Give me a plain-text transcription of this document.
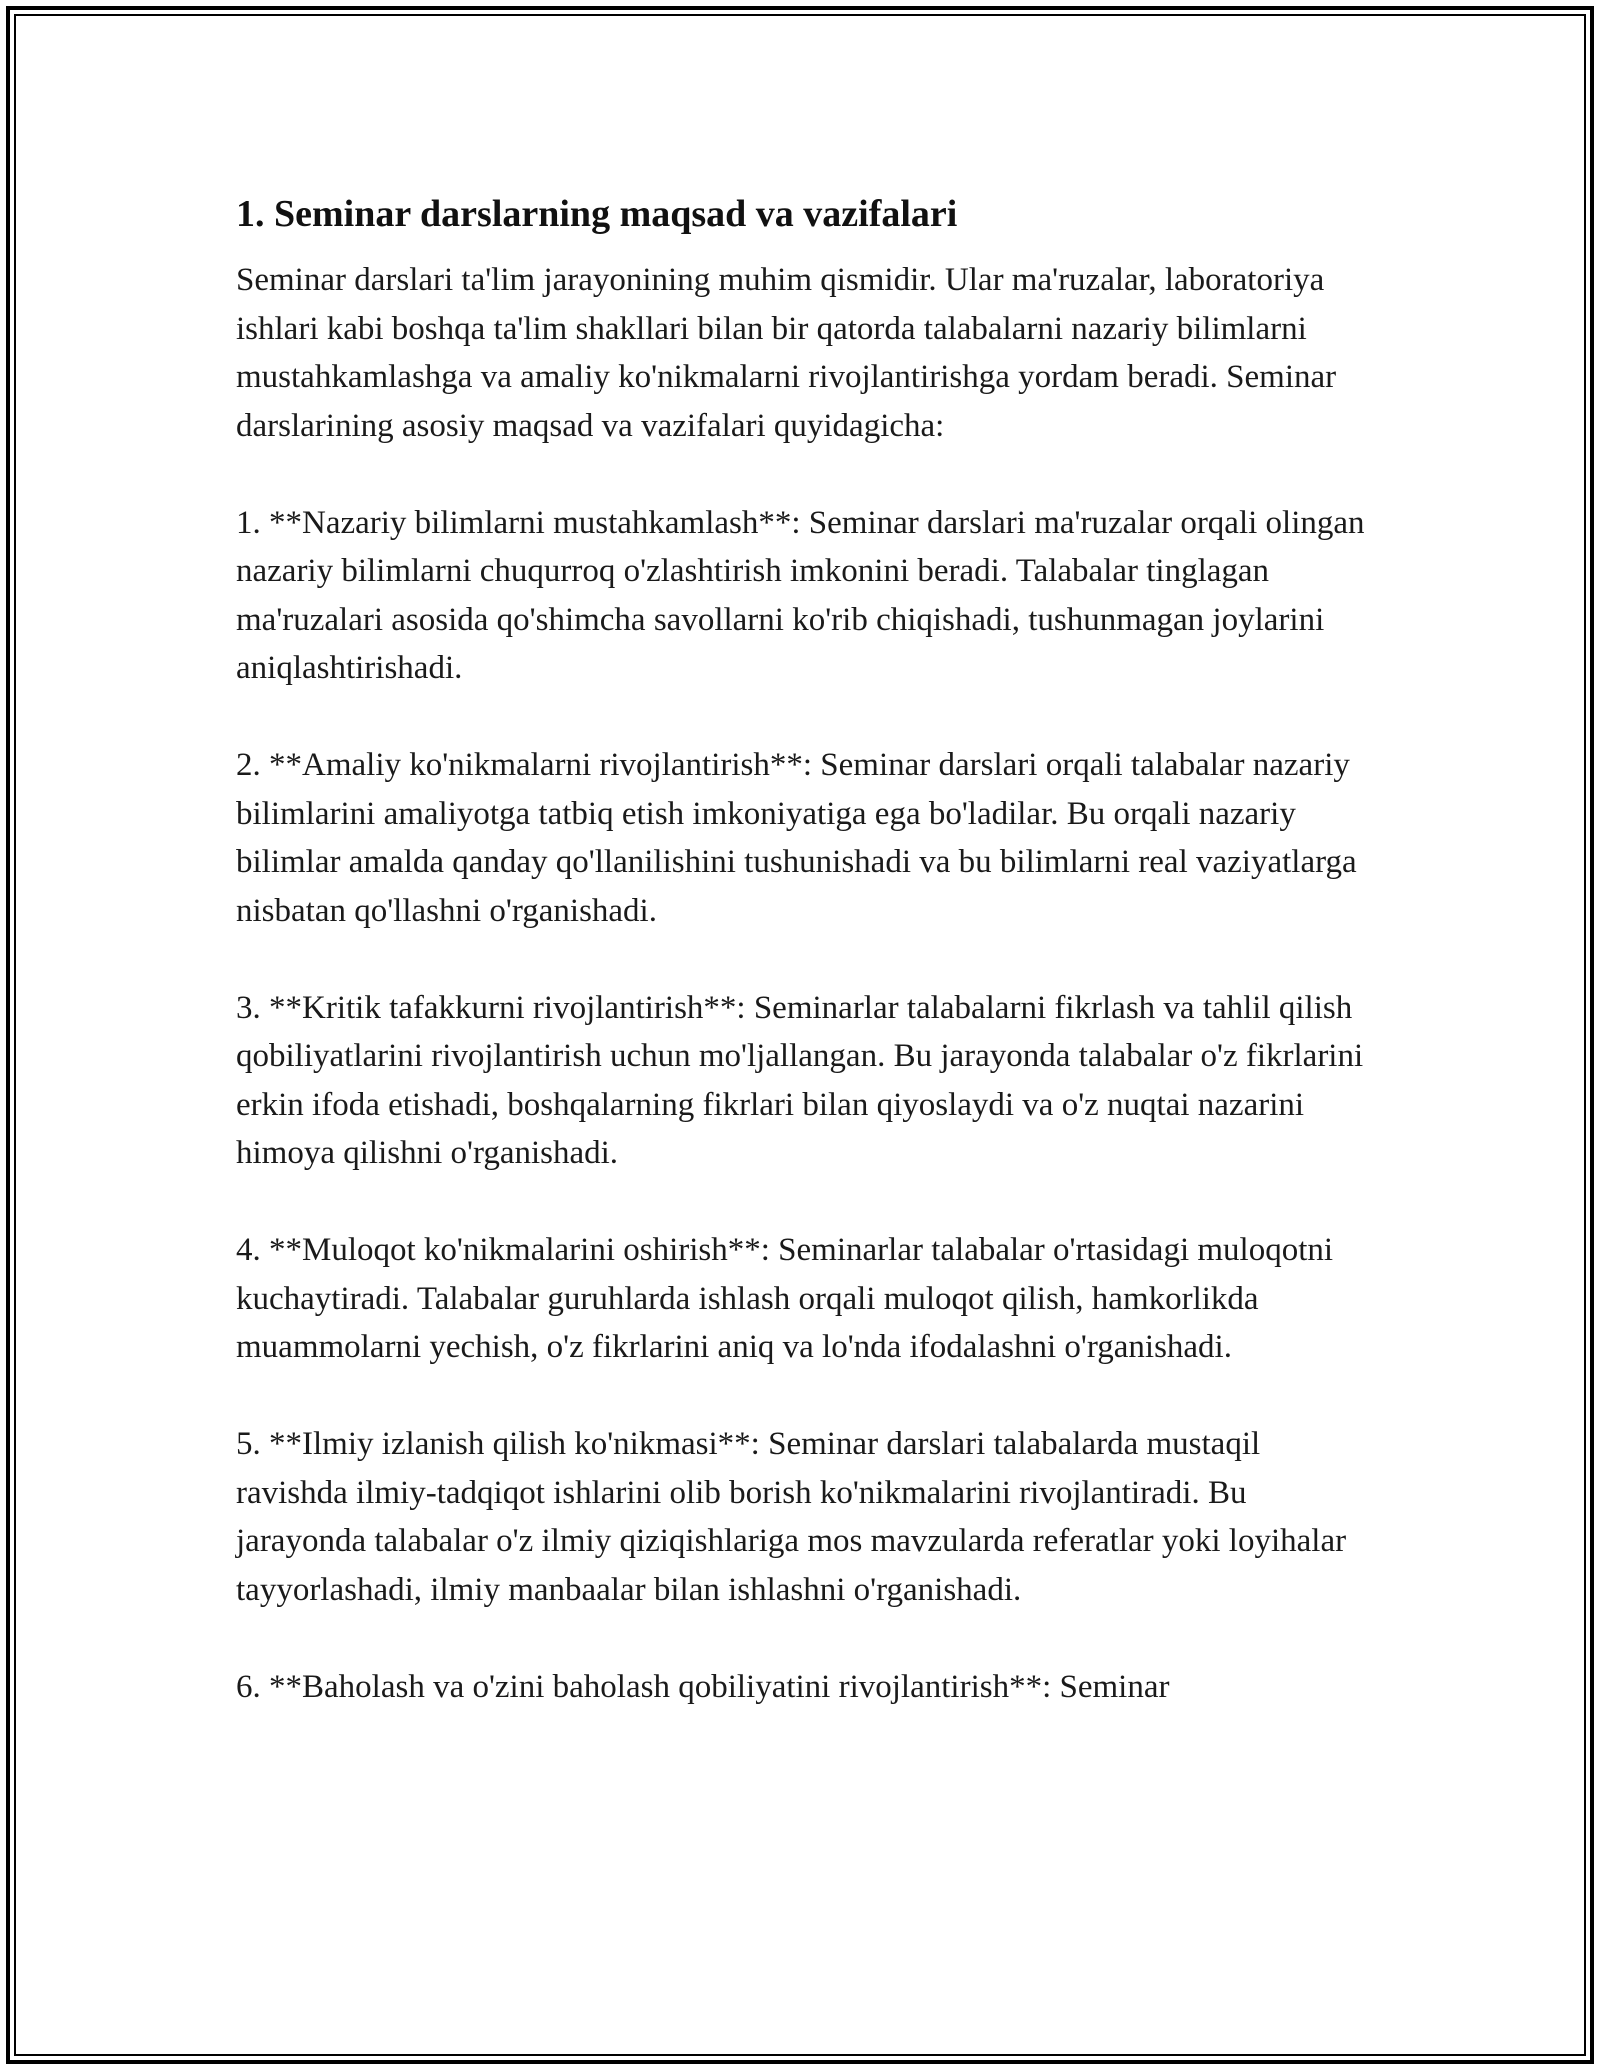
1. Seminar darslarning maqsad va vazifalari

Seminar darslari ta'lim jarayonining muhim qismidir. Ular ma'ruzalar, laboratoriya ishlari kabi boshqa ta'lim shakllari bilan bir qatorda talabalarni nazariy bilimlarni mustahkamlashga va amaliy ko'nikmalarni rivojlantirishga yordam beradi. Seminar darslarining asosiy maqsad va vazifalari quyidagicha:

1. **Nazariy bilimlarni mustahkamlash**: Seminar darslari ma'ruzalar orqali olingan nazariy bilimlarni chuqurroq o'zlashtirish imkonini beradi. Talabalar tinglagan ma'ruzalari asosida qo'shimcha savollarni ko'rib chiqishadi, tushunmagan joylarini aniqlashtirishadi.

2. **Amaliy ko'nikmalarni rivojlantirish**: Seminar darslari orqali talabalar nazariy bilimlarini amaliyotga tatbiq etish imkoniyatiga ega bo'ladilar. Bu orqali nazariy bilimlar amalda qanday qo'llanilishini tushunishadi va bu bilimlarni real vaziyatlarga nisbatan qo'llashni o'rganishadi.

3. **Kritik tafakkurni rivojlantirish**: Seminarlar talabalarni fikrlash va tahlil qilish qobiliyatlarini rivojlantirish uchun mo'ljallangan. Bu jarayonda talabalar o'z fikrlarini erkin ifoda etishadi, boshqalarning fikrlari bilan qiyoslaydi va o'z nuqtai nazarini himoya qilishni o'rganishadi.

4. **Muloqot ko'nikmalarini oshirish**: Seminarlar talabalar o'rtasidagi muloqotni kuchaytiradi. Talabalar guruhlarda ishlash orqali muloqot qilish, hamkorlikda muammolarni yechish, o'z fikrlarini aniq va lo'nda ifodalashni o'rganishadi.

5. **Ilmiy izlanish qilish ko'nikmasi**: Seminar darslari talabalarda mustaqil ravishda ilmiy-tadqiqot ishlarini olib borish ko'nikmalarini rivojlantiradi. Bu jarayonda talabalar o'z ilmiy qiziqishlariga mos mavzularda referatlar yoki loyihalar tayyorlashadi, ilmiy manbaalar bilan ishlashni o'rganishadi.

6. **Baholash va o'zini baholash qobiliyatini rivojlantirish**: Seminar
